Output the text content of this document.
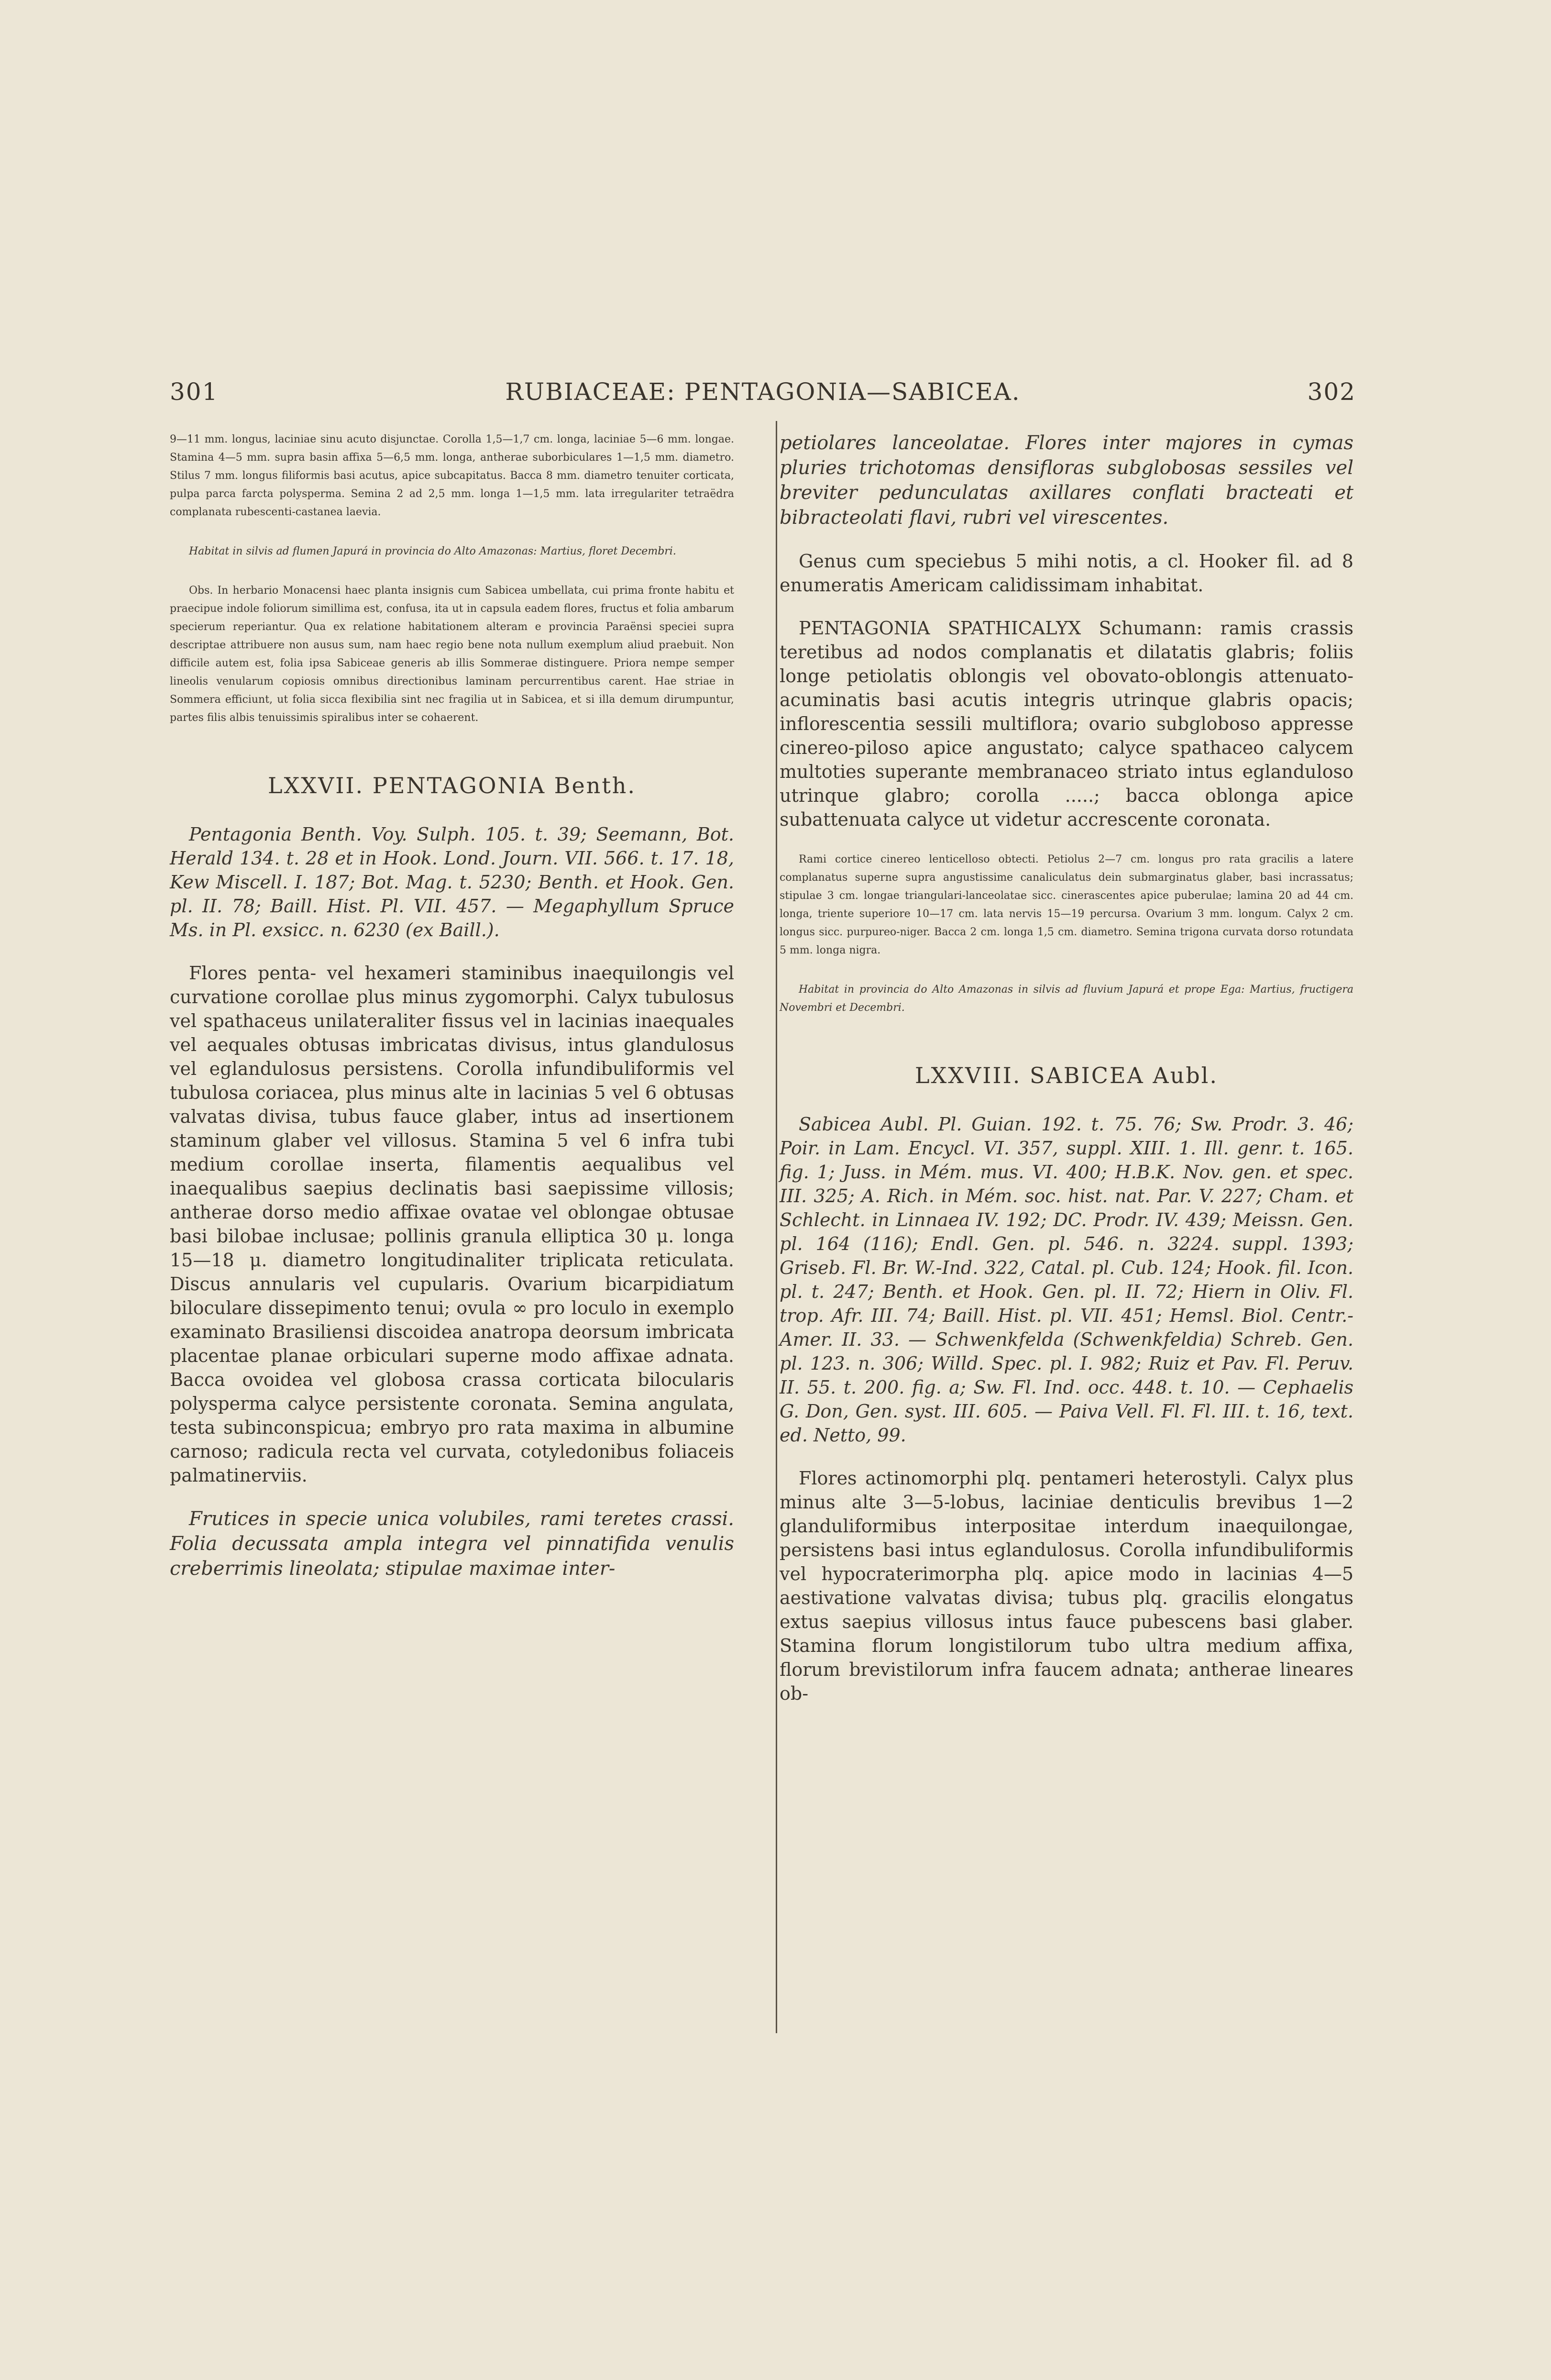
301	RUBIACEAE: PENTAGONIA—SABICEA.	302

9—11 mm. longus, laciniae sinu acuto disjunctae. Corolla 1,5—1,7 cm. longa, laciniae 5—6 mm. longae. Stamina 4—5 mm. supra basin affixa 5—6,5 mm. longa, antherae suborbiculares 1—1,5 mm. diametro. Stilus 7 mm. longus filiformis basi acutus, apice subcapitatus. Bacca 8 mm. diametro tenuiter corticata, pulpa parca farcta polysperma. Semina 2 ad 2,5 mm. longa 1—1,5 mm. lata irregulariter tetraëdra complanata rubescenti-castanea laevia.

Habitat in silvis ad flumen Japurá in provincia do Alto Amazonas: Martius, floret Decembri.

Obs. In herbario Monacensi haec planta insignis cum Sabicea umbellata, cui prima fronte habitu et praecipue indole foliorum simillima est, confusa, ita ut in capsula eadem flores, fructus et folia ambarum specierum reperiantur. Qua ex relatione habitationem alteram e provincia Paraënsi speciei supra descriptae attribuere non ausus sum, nam haec regio bene nota nullum exemplum aliud praebuit. Non difficile autem est, folia ipsa Sabiceae generis ab illis Sommerae distinguere. Priora nempe semper lineolis venularum copiosis omnibus directionibus laminam percurrentibus carent. Hae striae in Sommera efficiunt, ut folia sicca flexibilia sint nec fragilia ut in Sabicea, et si illa demum dirumpuntur, partes filis albis tenuissimis spiralibus inter se cohaerent.

LXXVII. PENTAGONIA Benth.

Pentagonia Benth. Voy. Sulph. 105. t. 39; Seemann, Bot. Herald 134. t. 28 et in Hook. Lond. Journ. VII. 566. t. 17. 18, Kew Miscell. I. 187; Bot. Mag. t. 5230; Benth. et Hook. Gen. pl. II. 78; Baill. Hist. Pl. VII. 457. — Megaphyllum Spruce Ms. in Pl. exsicc. n. 6230 (ex Baill.).

Flores penta- vel hexameri staminibus inaequilongis vel curvatione corollae plus minus zygomorphi. Calyx tubulosus vel spathaceus unilateraliter fissus vel in lacinias inaequales vel aequales obtusas imbricatas divisus, intus glandulosus vel eglandulosus persistens. Corolla infundibuliformis vel tubulosa coriacea, plus minus alte in lacinias 5 vel 6 obtusas valvatas divisa, tubus fauce glaber, intus ad insertionem staminum glaber vel villosus. Stamina 5 vel 6 infra tubi medium corollae inserta, filamentis aequalibus vel inaequalibus saepius declinatis basi saepissime villosis; antherae dorso medio affixae ovatae vel oblongae obtusae basi bilobae inclusae; pollinis granula elliptica 30 μ. longa 15—18 μ. diametro longitudinaliter triplicata reticulata. Discus annularis vel cupularis. Ovarium bicarpidiatum biloculare dissepimento tenui; ovula ∞ pro loculo in exemplo examinato Brasiliensi discoidea anatropa deorsum imbricata placentae planae orbiculari superne modo affixae adnata. Bacca ovoidea vel globosa crassa corticata bilocularis polysperma calyce persistente coronata. Semina angulata, testa subinconspicua; embryo pro rata maxima in albumine carnoso; radicula recta vel curvata, cotyledonibus foliaceis palmatinerviis.

Frutices in specie unica volubiles, rami teretes crassi. Folia decussata ampla integra vel pinnatifida venulis creberrimis lineolata; stipulae maximae inter-

petiolares lanceolatae. Flores inter majores in cymas pluries trichotomas densifloras subglobosas sessiles vel breviter pedunculatas axillares conflati bracteati et bibracteolati flavi, rubri vel virescentes.

Genus cum speciebus 5 mihi notis, a cl. Hooker fil. ad 8 enumeratis Americam calidissimam inhabitat.

PENTAGONIA SPATHICALYX Schumann: ramis crassis teretibus ad nodos complanatis et dilatatis glabris; foliis longe petiolatis oblongis vel obovato-oblongis attenuato-acuminatis basi acutis integris utrinque glabris opacis; inflorescentia sessili multiflora; ovario subgloboso appresse cinereo-piloso apice angustato; calyce spathaceo calycem multoties superante membranaceo striato intus eglanduloso utrinque glabro; corolla .....; bacca oblonga apice subattenuata calyce ut videtur accrescente coronata.

Rami cortice cinereo lenticelloso obtecti. Petiolus 2—7 cm. longus pro rata gracilis a latere complanatus superne supra angustissime canaliculatus dein submarginatus glaber, basi incrassatus; stipulae 3 cm. longae triangulari-lanceolatae sicc. cinerascentes apice puberulae; lamina 20 ad 44 cm. longa, triente superiore 10—17 cm. lata nervis 15—19 percursa. Ovarium 3 mm. longum. Calyx 2 cm. longus sicc. purpureo-niger. Bacca 2 cm. longa 1,5 cm. diametro. Semina trigona curvata dorso rotundata 5 mm. longa nigra.

Habitat in provincia do Alto Amazonas in silvis ad fluvium Japurá et prope Ega: Martius, fructigera Novembri et Decembri.

LXXVIII. SABICEA Aubl.

Sabicea Aubl. Pl. Guian. 192. t. 75. 76; Sw. Prodr. 3. 46; Poir. in Lam. Encycl. VI. 357, suppl. XIII. 1. Ill. genr. t. 165. fig. 1; Juss. in Mém. mus. VI. 400; H.B.K. Nov. gen. et spec. III. 325; A. Rich. in Mém. soc. hist. nat. Par. V. 227; Cham. et Schlecht. in Linnaea IV. 192; DC. Prodr. IV. 439; Meissn. Gen. pl. 164 (116); Endl. Gen. pl. 546. n. 3224. suppl. 1393; Griseb. Fl. Br. W.-Ind. 322, Catal. pl. Cub. 124; Hook. fil. Icon. pl. t. 247; Benth. et Hook. Gen. pl. II. 72; Hiern in Oliv. Fl. trop. Afr. III. 74; Baill. Hist. pl. VII. 451; Hemsl. Biol. Centr.-Amer. II. 33. — Schwenkfelda (Schwenkfeldia) Schreb. Gen. pl. 123. n. 306; Willd. Spec. pl. I. 982; Ruiz et Pav. Fl. Peruv. II. 55. t. 200. fig. a; Sw. Fl. Ind. occ. 448. t. 10. — Cephaelis G. Don, Gen. syst. III. 605. — Paiva Vell. Fl. Fl. III. t. 16, text. ed. Netto, 99.

Flores actinomorphi plq. pentameri heterostyli. Calyx plus minus alte 3—5-lobus, laciniae denticulis brevibus 1—2 glanduliformibus interpositae interdum inaequilongae, persistens basi intus eglandulosus. Corolla infundibuliformis vel hypocraterimorpha plq. apice modo in lacinias 4—5 aestivatione valvatas divisa; tubus plq. gracilis elongatus extus saepius villosus intus fauce pubescens basi glaber. Stamina florum longistilorum tubo ultra medium affixa, florum brevistilorum infra faucem adnata; antherae lineares ob-
